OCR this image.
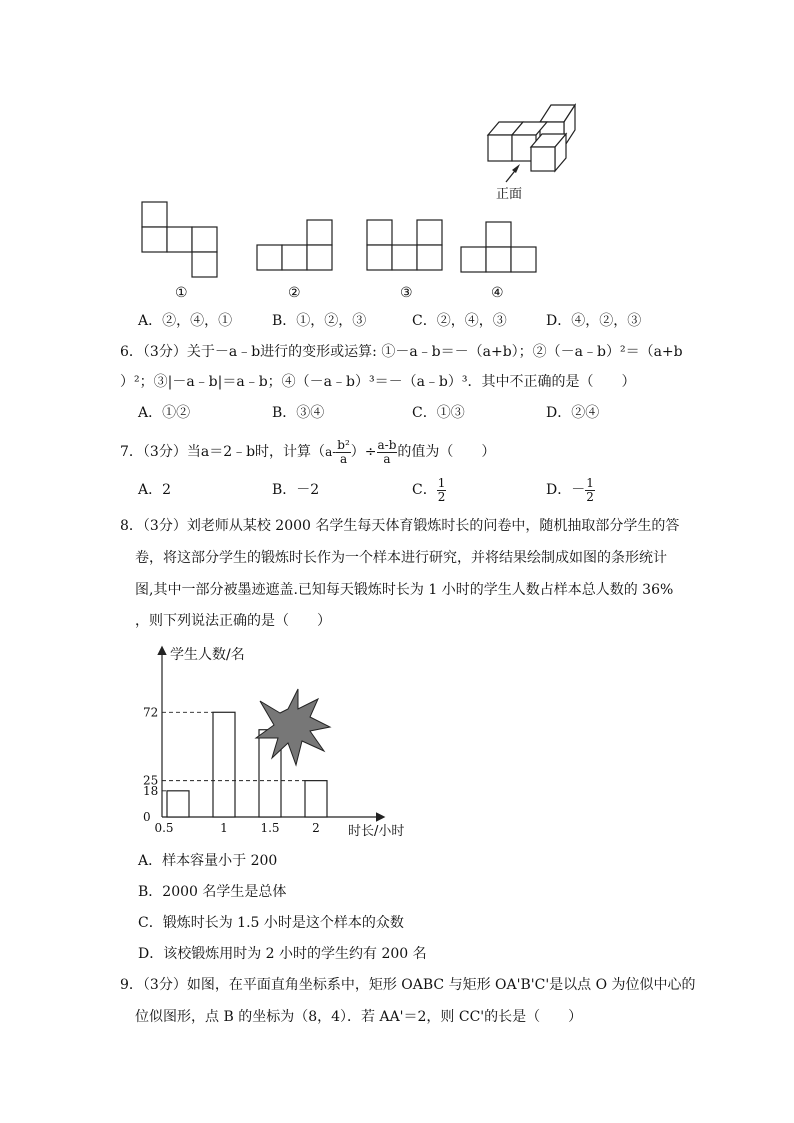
正面
①	②	③	④
A．②，④，①	B．①，②，③	C．②，④，③	D．④，②，③
6．（3分）关于－a﹣b进行的变形或运算: ①－a﹣b＝－（a+b）；②（－a﹣b）²＝（a+b
）²；③|－a﹣b|＝a﹣b；④（－a﹣b）³＝－（a﹣b）³．其中不正确的是（　　）
A．①②	B．③④	C．①③	D．②④
7．（3分）当a＝2﹣b时，计算（$a- \frac{\text{b²}}{a}$ ）÷ $\frac{a-b}{a}$ 的值为（　　）
A．2	B．－2	C． $\frac{1}{2}$	D．－ $\frac{1}{2}$
8．（3分）刘老师从某校 2000 名学生每天体育锻炼时长的问卷中，随机抽取部分学生的答
卷，将这部分学生的锻炼时长作为一个样本进行研究，并将结果绘制成如图的条形统计
图,其中一部分被墨迹遮盖.已知每天锻炼时长为 1 小时的学生人数占样本总人数的 36%
，则下列说法正确的是（　　）
学生人数/名
时长/小时
0
18
25
72
0.5	1	1.5	2
A．样本容量小于 200
B．2000 名学生是总体
C．锻炼时长为 1.5 小时是这个样本的众数
D．该校锻炼用时为 2 小时的学生约有 200 名
9．（3分）如图，在平面直角坐标系中，矩形 OABC 与矩形 OA'B'C'是以点 O 为位似中心的
位似图形，点 B 的坐标为（8，4）．若 AA'＝2，则 CC'的长是（　　）
